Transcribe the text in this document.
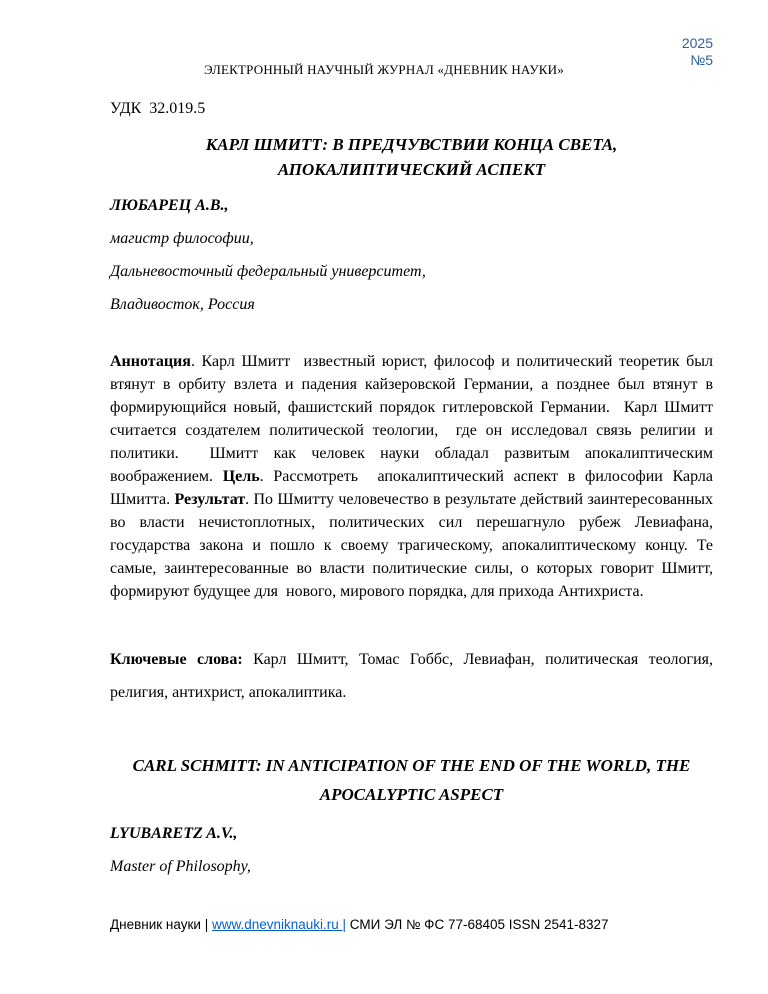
2025
№5
ЭЛЕКТРОННЫЙ НАУЧНЫЙ ЖУРНАЛ «ДНЕВНИК НАУКИ»

УДК  32.019.5

КАРЛ ШМИТТ: В ПРЕДЧУВСТВИИ КОНЦА СВЕТА,
АПОКАЛИПТИЧЕСКИЙ АСПЕКТ

ЛЮБАРЕЦ А.В.,

магистр философии,

Дальневосточный федеральный университет,

Владивосток, Россия

Аннотация. Карл Шмитт  известный юрист, философ и политический теоретик был втянут в орбиту взлета и падения кайзеровской Германии, а позднее был втянут в формирующийся новый, фашистский порядок гитлеровской Германии.  Карл Шмитт считается создателем политической теологии,  где он исследовал связь религии и политики.  Шмитт как человек науки обладал развитым апокалиптическим воображением. Цель. Рассмотреть  апокалиптический аспект в философии Карла Шмитта. Результат. По Шмитту человечество в результате действий заинтересованных во власти нечистоплотных, политических сил перешагнуло рубеж Левиафана, государства закона и пошло к своему трагическому, апокалиптическому концу. Те самые, заинтересованные во власти политические силы, о которых говорит Шмитт, формируют будущее для  нового, мирового порядка, для прихода Антихриста.

Ключевые слова: Карл Шмитт, Томас Гоббс, Левиафан, политическая теология, религия, антихрист, апокалиптика.

CARL SCHMITT: IN ANTICIPATION OF THE END OF THE WORLD, THE
APOCALYPTIC ASPECT

LYUBARETZ A.V.,

Master of Philosophy,

Дневник науки | www.dnevniknauki.ru | СМИ ЭЛ № ФС 77-68405 ISSN 2541-8327
